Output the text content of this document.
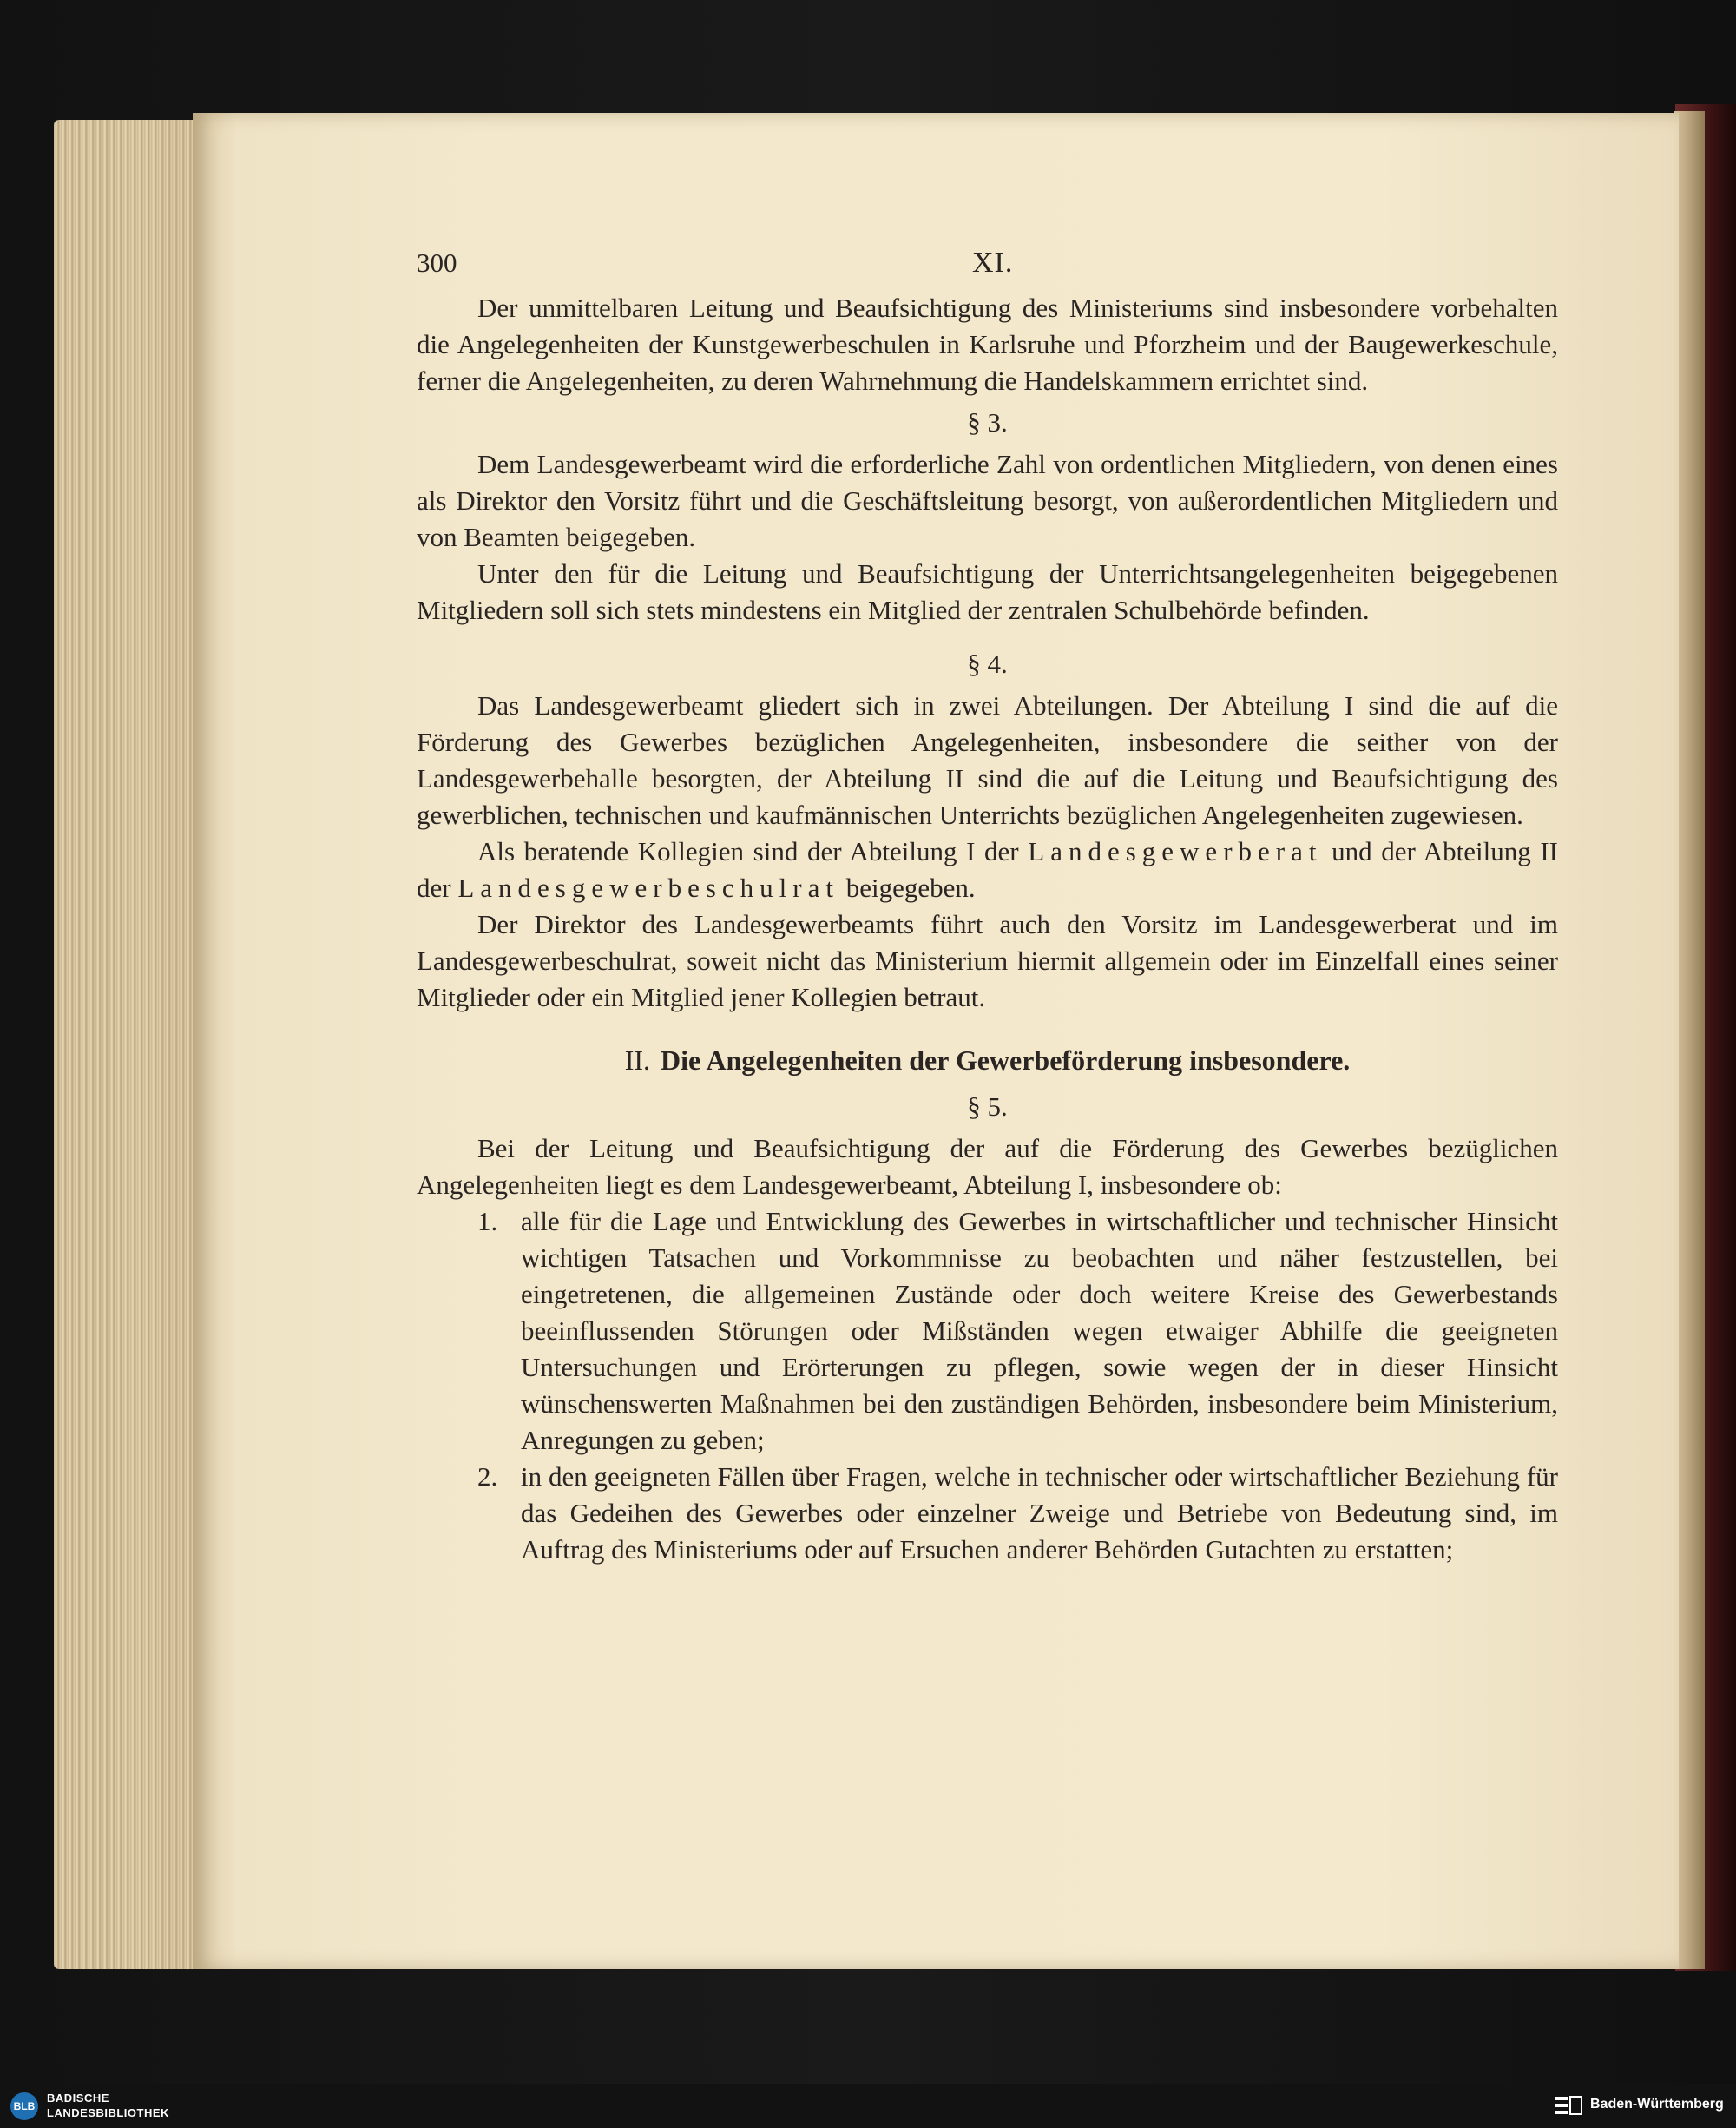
300	XI.

Der unmittelbaren Leitung und Beaufsichtigung des Ministeriums sind insbesondere vorbehalten die Angelegenheiten der Kunstgewerbeschulen in Karlsruhe und Pforzheim und der Baugewerkeschule, ferner die Angelegenheiten, zu deren Wahrnehmung die Handelskammern errichtet sind.

§ 3.

Dem Landesgewerbeamt wird die erforderliche Zahl von ordentlichen Mitgliedern, von denen eines als Direktor den Vorsitz führt und die Geschäftsleitung besorgt, von außerordentlichen Mitgliedern und von Beamten beigegeben.

Unter den für die Leitung und Beaufsichtigung der Unterrichtsangelegenheiten beigegebenen Mitgliedern soll sich stets mindestens ein Mitglied der zentralen Schulbehörde befinden.

§ 4.

Das Landesgewerbeamt gliedert sich in zwei Abteilungen. Der Abteilung I sind die auf die Förderung des Gewerbes bezüglichen Angelegenheiten, insbesondere die seither von der Landesgewerbehalle besorgten, der Abteilung II sind die auf die Leitung und Beaufsichtigung des gewerblichen, technischen und kaufmännischen Unterrichts bezüglichen Angelegenheiten zugewiesen.

Als beratende Kollegien sind der Abteilung I der Landesgewerberat und der Abteilung II der Landesgewerbeschulrat beigegeben.

Der Direktor des Landesgewerbeamts führt auch den Vorsitz im Landesgewerberat und im Landesgewerbeschulrat, soweit nicht das Ministerium hiermit allgemein oder im Einzelfall eines seiner Mitglieder oder ein Mitglied jener Kollegien betraut.

II. Die Angelegenheiten der Gewerbeförderung insbesondere.
§ 5.

Bei der Leitung und Beaufsichtigung der auf die Förderung des Gewerbes bezüglichen Angelegenheiten liegt es dem Landesgewerbeamt, Abteilung I, insbesondere ob:

1. alle für die Lage und Entwicklung des Gewerbes in wirtschaftlicher und technischer Hinsicht wichtigen Tatsachen und Vorkommnisse zu beobachten und näher festzustellen, bei eingetretenen, die allgemeinen Zustände oder doch weitere Kreise des Gewerbestands beeinflussenden Störungen oder Mißständen wegen etwaiger Abhilfe die geeigneten Untersuchungen und Erörterungen zu pflegen, sowie wegen der in dieser Hinsicht wünschenswerten Maßnahmen bei den zuständigen Behörden, insbesondere beim Ministerium, Anregungen zu geben;
2. in den geeigneten Fällen über Fragen, welche in technischer oder wirtschaftlicher Beziehung für das Gedeihen des Gewerbes oder einzelner Zweige und Betriebe von Bedeutung sind, im Auftrag des Ministeriums oder auf Ersuchen anderer Behörden Gutachten zu erstatten;
BLB
BADISCHE
LANDESBIBLIOTHEK
Baden-Württemberg
